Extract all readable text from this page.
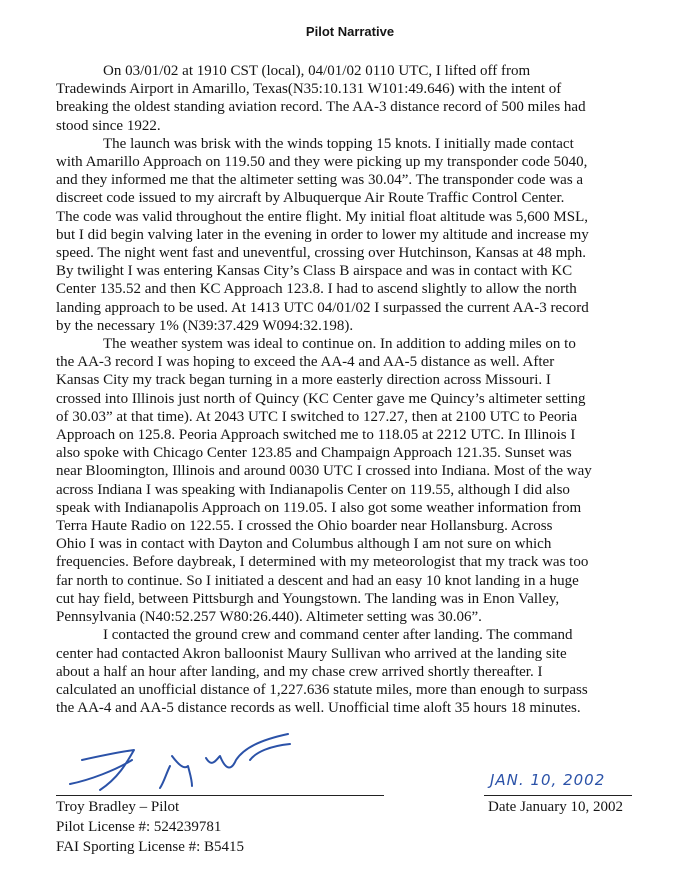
Pilot Narrative

On 03/01/02 at 1910 CST (local), 04/01/02 0110 UTC, I lifted off from
Tradewinds Airport in Amarillo, Texas(N35:10.131 W101:49.646) with the intent of
breaking the oldest standing aviation record. The AA-3 distance record of 500 miles had
stood since 1922.

The launch was brisk with the winds topping 15 knots. I initially made contact
with Amarillo Approach on 119.50 and they were picking up my transponder code 5040,
and they informed me that the altimeter setting was 30.04”. The transponder code was a
discreet code issued to my aircraft by Albuquerque Air Route Traffic Control Center.
The code was valid throughout the entire flight. My initial float altitude was 5,600 MSL,
but I did begin valving later in the evening in order to lower my altitude and increase my
speed. The night went fast and uneventful, crossing over Hutchinson, Kansas at 48 mph.
By twilight I was entering Kansas City’s Class B airspace and was in contact with KC
Center 135.52 and then KC Approach 123.8. I had to ascend slightly to allow the north
landing approach to be used. At 1413 UTC 04/01/02 I surpassed the current AA-3 record
by the necessary 1% (N39:37.429 W094:32.198).

The weather system was ideal to continue on. In addition to adding miles on to
the AA-3 record I was hoping to exceed the AA-4 and AA-5 distance as well. After
Kansas City my track began turning in a more easterly direction across Missouri. I
crossed into Illinois just north of Quincy (KC Center gave me Quincy’s altimeter setting
of 30.03” at that time). At 2043 UTC I switched to 127.27, then at 2100 UTC to Peoria
Approach on 125.8. Peoria Approach switched me to 118.05 at 2212 UTC. In Illinois I
also spoke with Chicago Center 123.85 and Champaign Approach 121.35. Sunset was
near Bloomington, Illinois and around 0030 UTC I crossed into Indiana. Most of the way
across Indiana I was speaking with Indianapolis Center on 119.55, although I did also
speak with Indianapolis Approach on 119.05. I also got some weather information from
Terra Haute Radio on 122.55. I crossed the Ohio boarder near Hollansburg. Across
Ohio I was in contact with Dayton and Columbus although I am not sure on which
frequencies. Before daybreak, I determined with my meteorologist that my track was too
far north to continue. So I initiated a descent and had an easy 10 knot landing in a huge
cut hay field, between Pittsburgh and Youngstown. The landing was in Enon Valley,
Pennsylvania (N40:52.257 W80:26.440). Altimeter setting was 30.06”.

I contacted the ground crew and command center after landing. The command
center had contacted Akron balloonist Maury Sullivan who arrived at the landing site
about a half an hour after landing, and my chase crew arrived shortly thereafter. I
calculated an unofficial distance of 1,227.636 statute miles, more than enough to surpass
the AA-4 and AA-5 distance records as well. Unofficial time aloft 35 hours 18 minutes.

Troy Bradley – Pilot
Pilot License #: 524239781
FAI Sporting License #: B5415
JAN. 10, 2002
Date January 10, 2002
